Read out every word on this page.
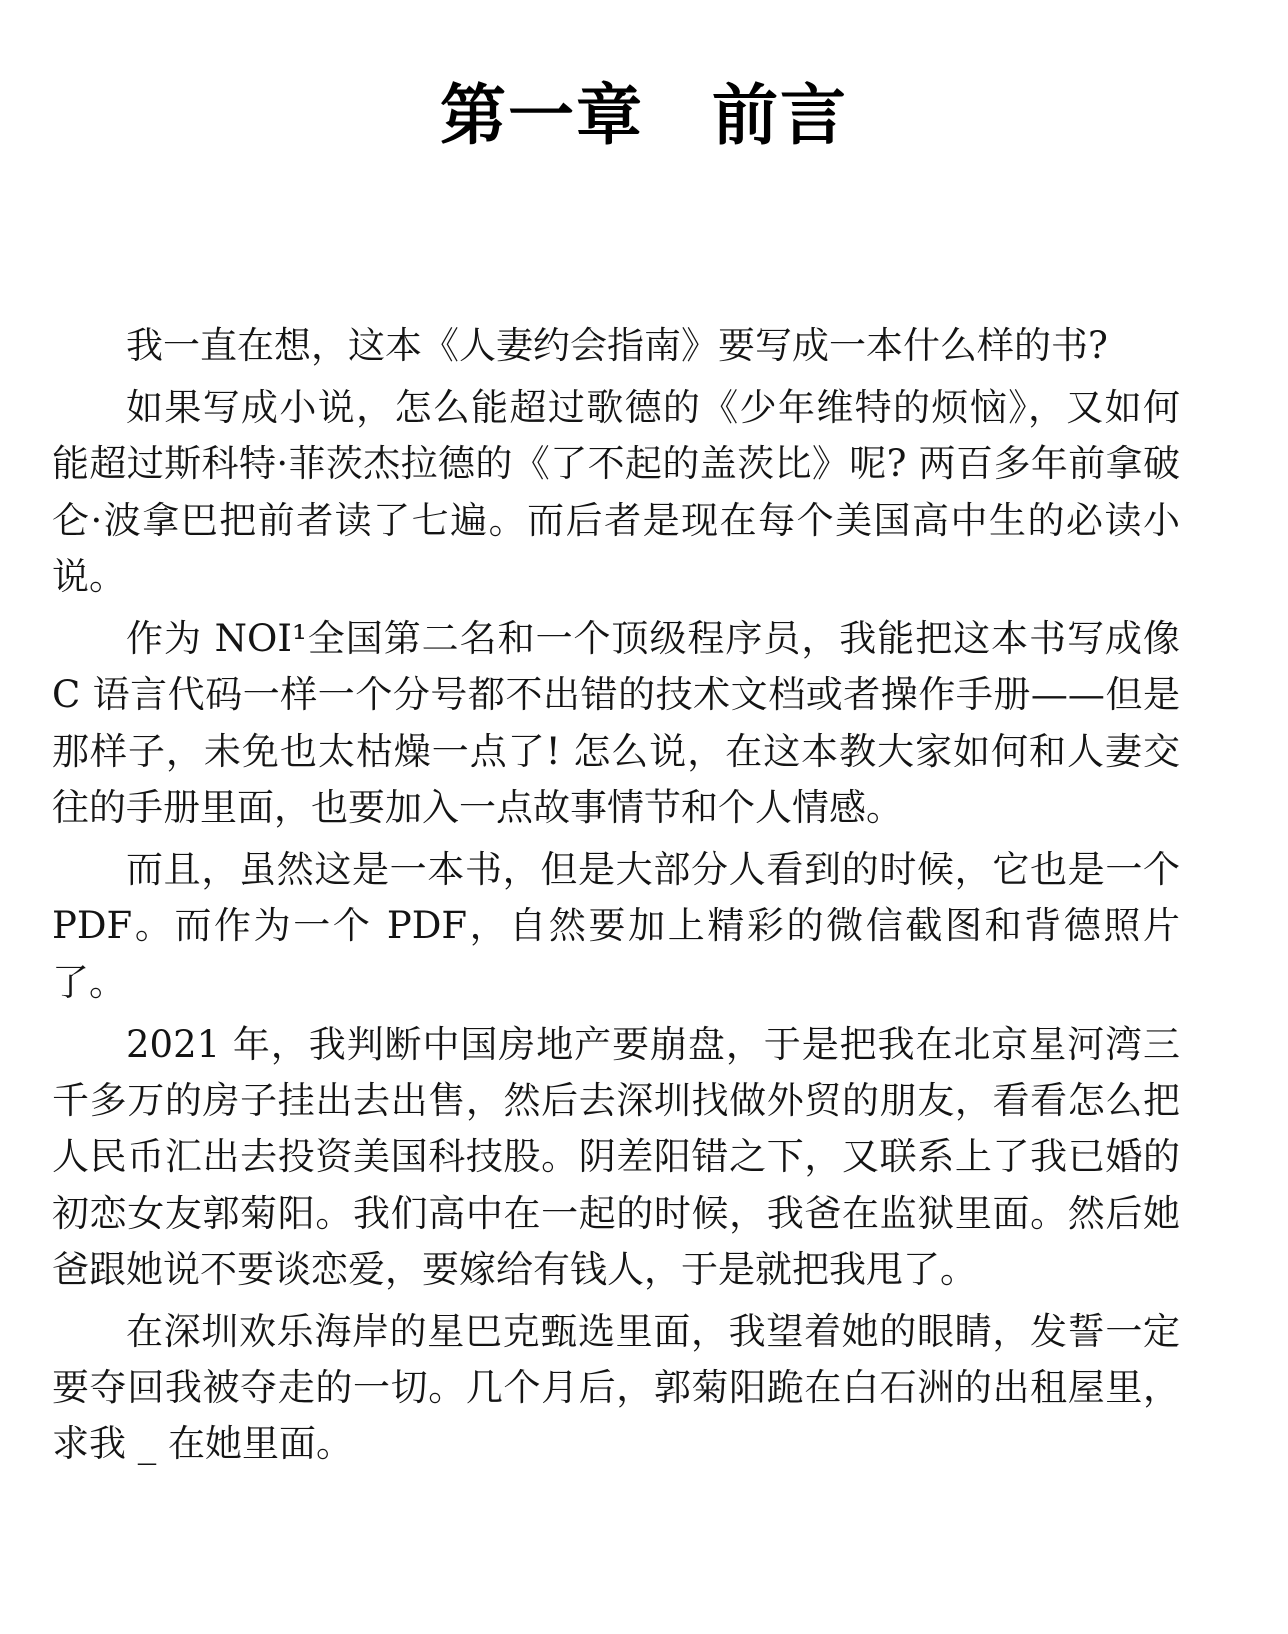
第一章　前言

我一直在想，这本《人妻约会指南》要写成一本什么样的书?

如果写成小说，怎么能超过歌德的《少年维特的烦恼》，又如何能超过斯科特·菲茨杰拉德的《了不起的盖茨比》呢? 两百多年前拿破仑·波拿巴把前者读了七遍。而后者是现在每个美国高中生的必读小说。

作为 NOI¹全国第二名和一个顶级程序员，我能把这本书写成像 C 语言代码一样一个分号都不出错的技术文档或者操作手册——但是那样子，未免也太枯燥一点了! 怎么说，在这本教大家如何和人妻交往的手册里面，也要加入一点故事情节和个人情感。

而且，虽然这是一本书，但是大部分人看到的时候，它也是一个 PDF。而作为一个 PDF，自然要加上精彩的微信截图和背德照片了。

2021 年，我判断中国房地产要崩盘，于是把我在北京星河湾三千多万的房子挂出去出售，然后去深圳找做外贸的朋友，看看怎么把人民币汇出去投资美国科技股。阴差阳错之下，又联系上了我已婚的初恋女友郭菊阳。我们高中在一起的时候，我爸在监狱里面。然后她爸跟她说不要谈恋爱，要嫁给有钱人，于是就把我甩了。

在深圳欢乐海岸的星巴克甄选里面，我望着她的眼睛，发誓一定要夺回我被夺走的一切。几个月后，郭菊阳跪在白石洲的出租屋里，求我 _ 在她里面。
